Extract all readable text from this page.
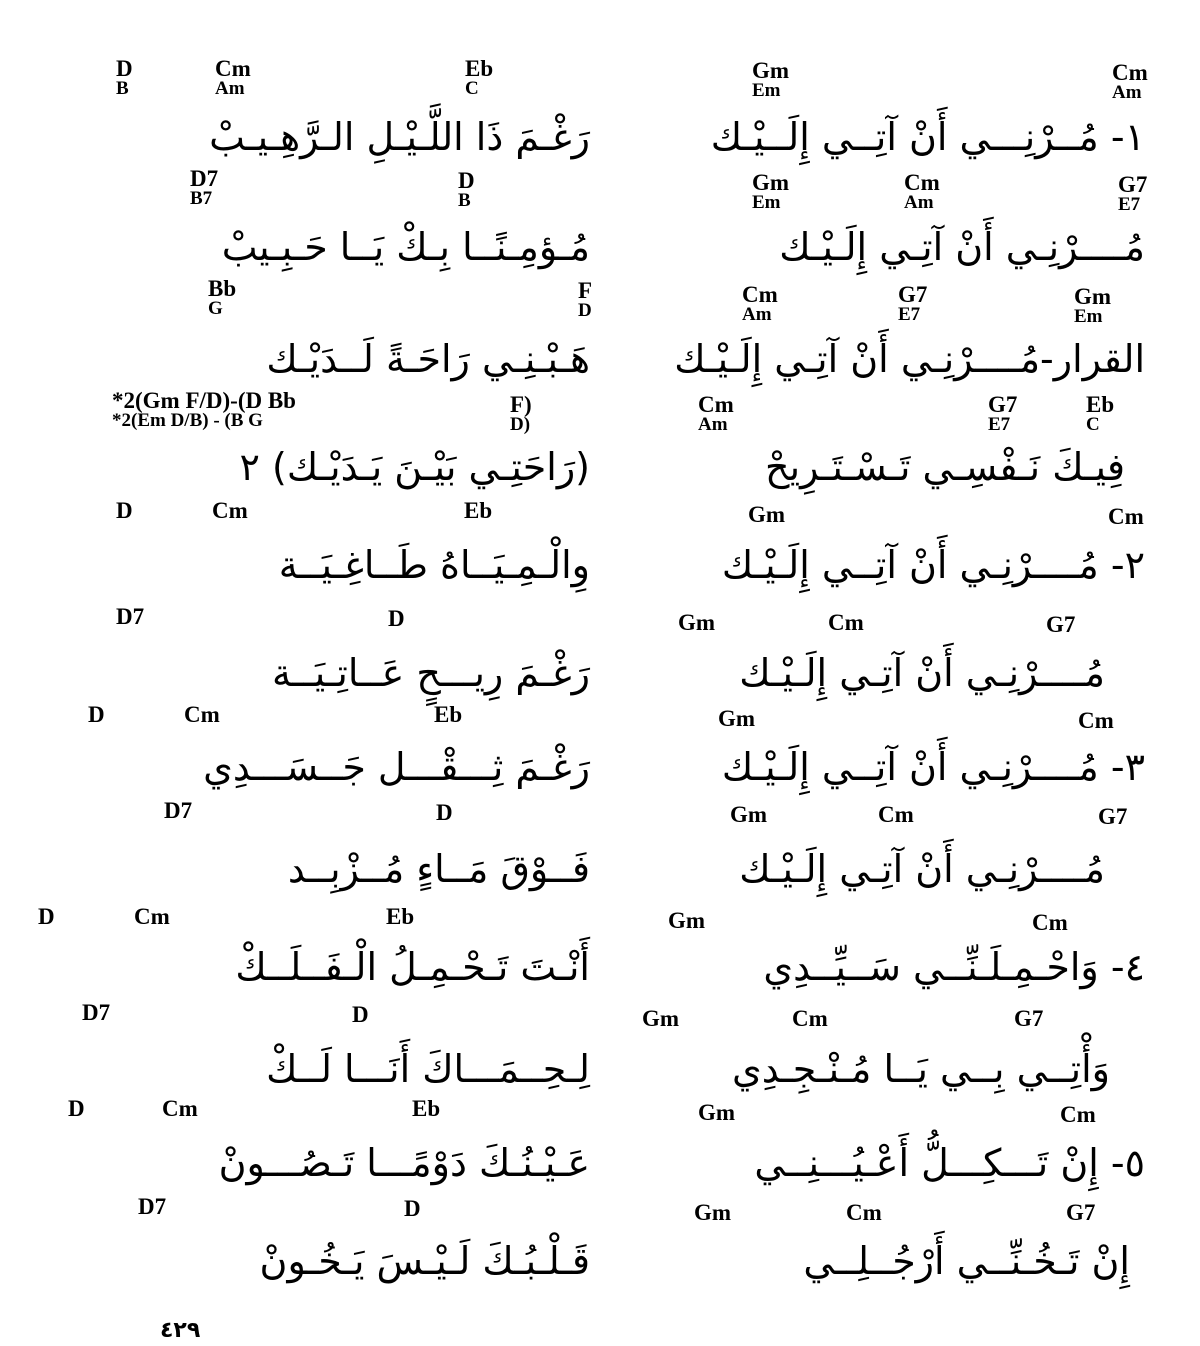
D
B
Cm
Am
Eb
C
Gm
Em
Cm
Am
١- مُــرْنِـــي أَنْ آتِــي إِلَــيْـك
رَغْـمَ ذَا اللَّـيْـلِ الـرَّهِـيـبْ
D7
B7
D
B
Gm
Em
Cm
Am
G7
E7
مُــــرْنِـي أَنْ آتِـي إِلَـيْـك
مُـؤمِـنًــا بِـكْ يَــا حَـبِـيبْ
Bb
G
F
D
Cm
Am
G7
E7
Gm
Em
القرار-مُــــرْنِـي أَنْ آتِـي إِلَـيْـك
هَـبْـنِـي رَاحَـةً لَــدَيْـك
*2(Gm F/D)-(D Bb
*2(Em D/B) - (B G
F)
D)
Cm
Am
G7
E7
Eb
C
فِيـكَ نَـفْسِـي تَـسْـتَـرِيحْ
(رَاحَتِـي بَيْـنَ يَـدَيْـك) ٢
D	Cm	Eb	Gm	Cm
٢- مُــــرْنِـي أَنْ آتِــي إِلَـيْـك
وِالْـمِـيَــاهُ طَــاغِـيَــة
D7	D	Gm	Cm	G7
مُــــرْنِـي أَنْ آتِـي إِلَـيْـك
رَغْـمَ رِيـــحٍ عَــاتِـيَــة
D	Cm	Eb	Gm	Cm
٣- مُــــرْنِـي أَنْ آتِــي إِلَـيْـك
رَغْـمَ ثِـــقْـــل جَــسَـــدِي
D7	D	Gm	Cm	G7
مُــــرْنِـي أَنْ آتِـي إِلَـيْـك
فَــوْقَ مَــاءٍ مُــزْبِــد
D	Cm	Eb	Gm	Cm
٤- وَاحْـمِـلَـنِّــي سَــيِّــدِي
أَنْـتَ تَـحْـمِـلُ الْـفَــلَــكْ
D7	D	Gm	Cm	G7
وَأْتِــي بِــي يَــا مُـنْـجِـدِي
لِـحِــمَـــاكَ أَنَـــا لَــكْ
D	Cm	Eb	Gm	Cm
٥- إِنْ تَـــكِـــلُّ أَعْـيُـــنِــي
عَـيْـنُـكَ دَوْمًـــا تَـصُـــونْ
D7	D	Gm	Cm	G7
إِنْ تَـخُـنِّــي أَرْجُــلِــي
قَـلْـبُـكَ لَـيْـسَ يَـخُـونْ
٤٢٩
